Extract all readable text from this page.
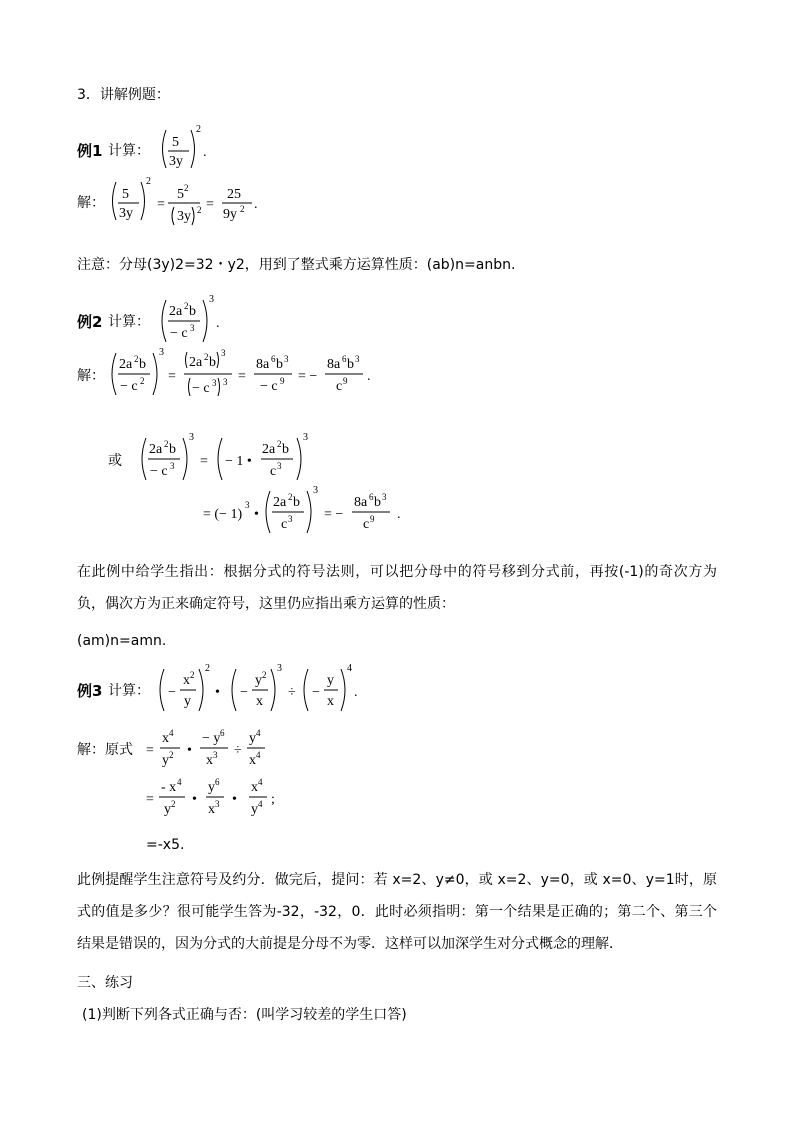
3．讲解例题：
例1 计算：
5
3y
2
.
解：
5
3y
2
=
5 2
3y 2 =
25
9y 2 .
注意：分母(3y)2=32・y2，用到了整式乘方运算性质：(ab)n=anbn.
例2 计算：
2a 2 b
− c 3
3
.
2a 2 b
− c 2
3
=
2a 2 b
3
− c 3 3 =
8a 6 b 3
− c 9 = −
8a 6 b 3
c 9 .
2a 2 b
− c 3
3
= − 1 •
2a 2 b
c 3
3
= (− 1)
3
•
2a 2 b
c 3
3
= −
8a 6 b 3
c 9 .
解：
或
在此例中给学生指出：根据分式的符号法则，可以把分母中的符号移到分式前，再按(-1)的奇次方为负，偶次方为正来确定符号，这里仍应指出乘方运算的性质：
(am)n=amn.
例3 计算： −
x 2
y
2
• −
y 2
x
3
÷ −
y
x
4
.
=
x 4
y 2 •
− y 6
x 3 ÷
y 4
x 4
=
- x 4
y 2 •
y 6
x 3 •
x 4
y 4 ;
解：原式
=-x5.
此例提醒学生注意符号及约分．做完后，提问：若 x=2、y≠0，或 x=2、y=0，或 x=0、y=1时，原式的值是多少？很可能学生答为-32，-32，0．此时必须指明：第一个结果是正确的；第二个、第三个结果是错误的，因为分式的大前提是分母不为零．这样可以加深学生对分式概念的理解．
三、练习
(1)判断下列各式正确与否：(叫学习较差的学生口答)
